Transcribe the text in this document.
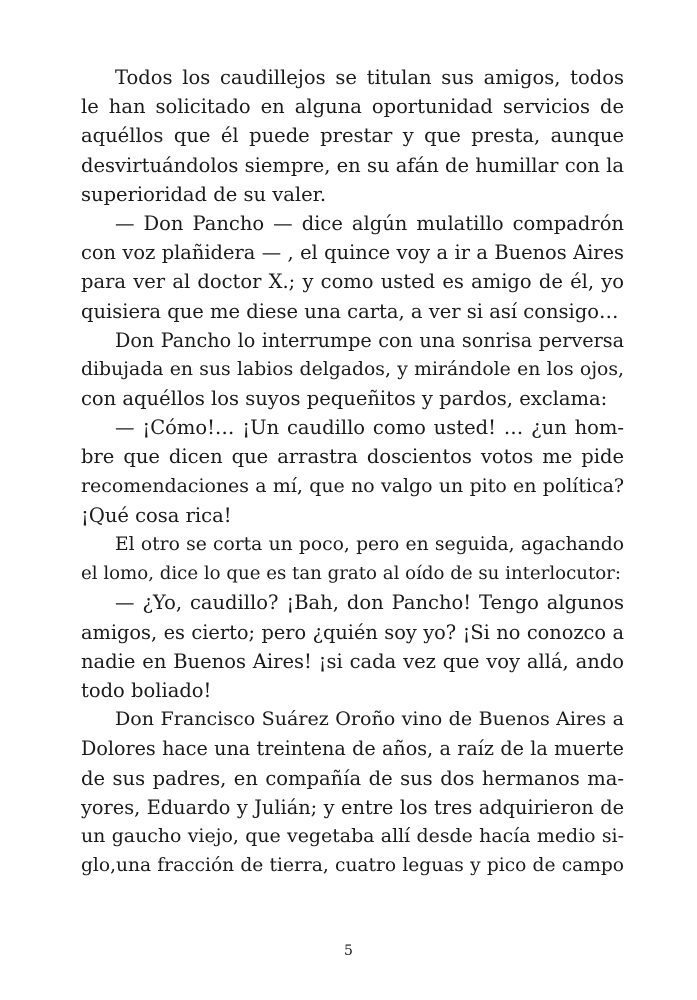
Todos los caudillejos se titulan sus amigos, todos
le han solicitado en alguna oportunidad servicios de
aquéllos que él puede prestar y que presta, aunque
desvirtuándolos siempre, en su afán de humillar con la
superioridad de su valer.
— Don Pancho — dice algún mulatillo compadrón
con voz plañidera — , el quince voy a ir a Buenos Aires
para ver al doctor X.; y como usted es amigo de él, yo
quisiera que me diese una carta, a ver si así consigo…
Don Pancho lo interrumpe con una sonrisa perversa
dibujada en sus labios delgados, y mirándole en los ojos,
con aquéllos los suyos pequeñitos y pardos, exclama:
— ¡Cómo!… ¡Un caudillo como usted! … ¿un hom-
bre que dicen que arrastra doscientos votos me pide
recomendaciones a mí, que no valgo un pito en política?
¡Qué cosa rica!
El otro se corta un poco, pero en seguida, agachando
el lomo, dice lo que es tan grato al oído de su interlocutor:
— ¿Yo, caudillo? ¡Bah, don Pancho! Tengo algunos
amigos, es cierto; pero ¿quién soy yo? ¡Si no conozco a
nadie en Buenos Aires! ¡si cada vez que voy allá, ando
todo boliado!
Don Francisco Suárez Oroño vino de Buenos Aires a
Dolores hace una treintena de años, a raíz de la muerte
de sus padres, en compañía de sus dos hermanos ma-
yores, Eduardo y Julián; y entre los tres adquirieron de
un gaucho viejo, que vegetaba allí desde hacía medio si-
glo,una fracción de tierra, cuatro leguas y pico de campo
5
